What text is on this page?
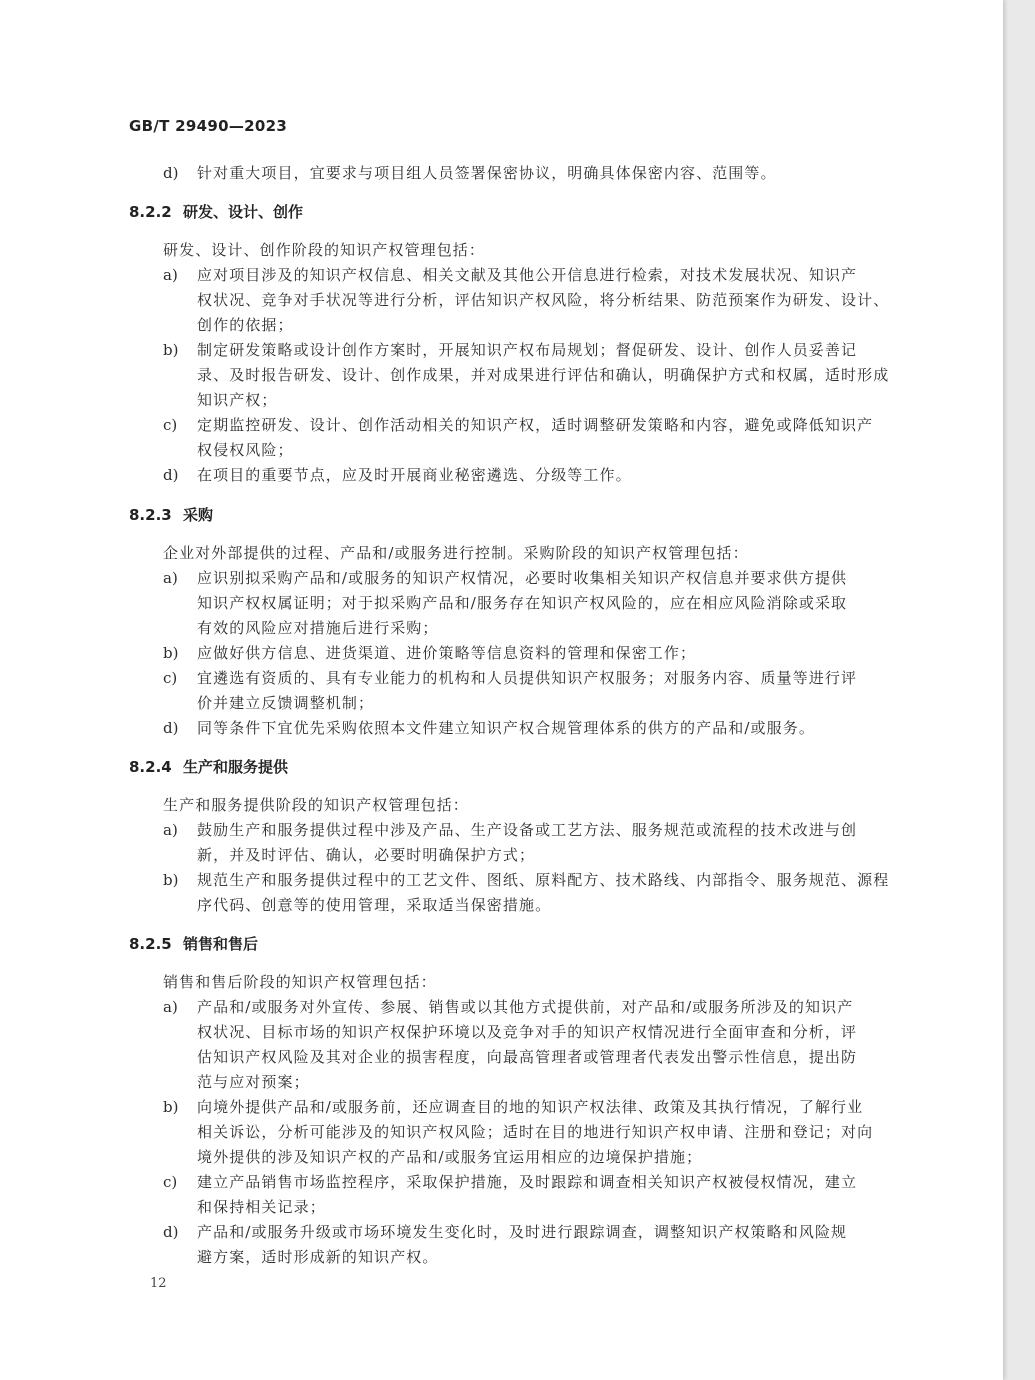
GB/T 29490—2023
d) 针对重大项目，宜要求与项目组人员签署保密协议，明确具体保密内容、范围等。
8.2.2 研发、设计、创作
研发、设计、创作阶段的知识产权管理包括：
a) 应对项目涉及的知识产权信息、相关文献及其他公开信息进行检索，对技术发展状况、知识产
权状况、竞争对手状况等进行分析，评估知识产权风险，将分析结果、防范预案作为研发、设计、
创作的依据；
b) 制定研发策略或设计创作方案时，开展知识产权布局规划；督促研发、设计、创作人员妥善记
录、及时报告研发、设计、创作成果，并对成果进行评估和确认，明确保护方式和权属，适时形成
知识产权；
c) 定期监控研发、设计、创作活动相关的知识产权，适时调整研发策略和内容，避免或降低知识产
权侵权风险；
d) 在项目的重要节点，应及时开展商业秘密遴选、分级等工作。
8.2.3 采购
企业对外部提供的过程、产品和/或服务进行控制。采购阶段的知识产权管理包括：
a) 应识别拟采购产品和/或服务的知识产权情况，必要时收集相关知识产权信息并要求供方提供
知识产权权属证明；对于拟采购产品和/服务存在知识产权风险的，应在相应风险消除或采取
有效的风险应对措施后进行采购；
b) 应做好供方信息、进货渠道、进价策略等信息资料的管理和保密工作；
c) 宜遴选有资质的、具有专业能力的机构和人员提供知识产权服务；对服务内容、质量等进行评
价并建立反馈调整机制；
d) 同等条件下宜优先采购依照本文件建立知识产权合规管理体系的供方的产品和/或服务。
8.2.4 生产和服务提供
生产和服务提供阶段的知识产权管理包括：
a) 鼓励生产和服务提供过程中涉及产品、生产设备或工艺方法、服务规范或流程的技术改进与创
新，并及时评估、确认，必要时明确保护方式；
b) 规范生产和服务提供过程中的工艺文件、图纸、原料配方、技术路线、内部指令、服务规范、源程
序代码、创意等的使用管理，采取适当保密措施。
8.2.5 销售和售后
销售和售后阶段的知识产权管理包括：
a) 产品和/或服务对外宣传、参展、销售或以其他方式提供前，对产品和/或服务所涉及的知识产
权状况、目标市场的知识产权保护环境以及竞争对手的知识产权情况进行全面审查和分析，评
估知识产权风险及其对企业的损害程度，向最高管理者或管理者代表发出警示性信息，提出防
范与应对预案；
b) 向境外提供产品和/或服务前，还应调查目的地的知识产权法律、政策及其执行情况，了解行业
相关诉讼，分析可能涉及的知识产权风险；适时在目的地进行知识产权申请、注册和登记；对向
境外提供的涉及知识产权的产品和/或服务宜运用相应的边境保护措施；
c) 建立产品销售市场监控程序，采取保护措施，及时跟踪和调查相关知识产权被侵权情况，建立
和保持相关记录；
d) 产品和/或服务升级或市场环境发生变化时，及时进行跟踪调查，调整知识产权策略和风险规
避方案，适时形成新的知识产权。
12
